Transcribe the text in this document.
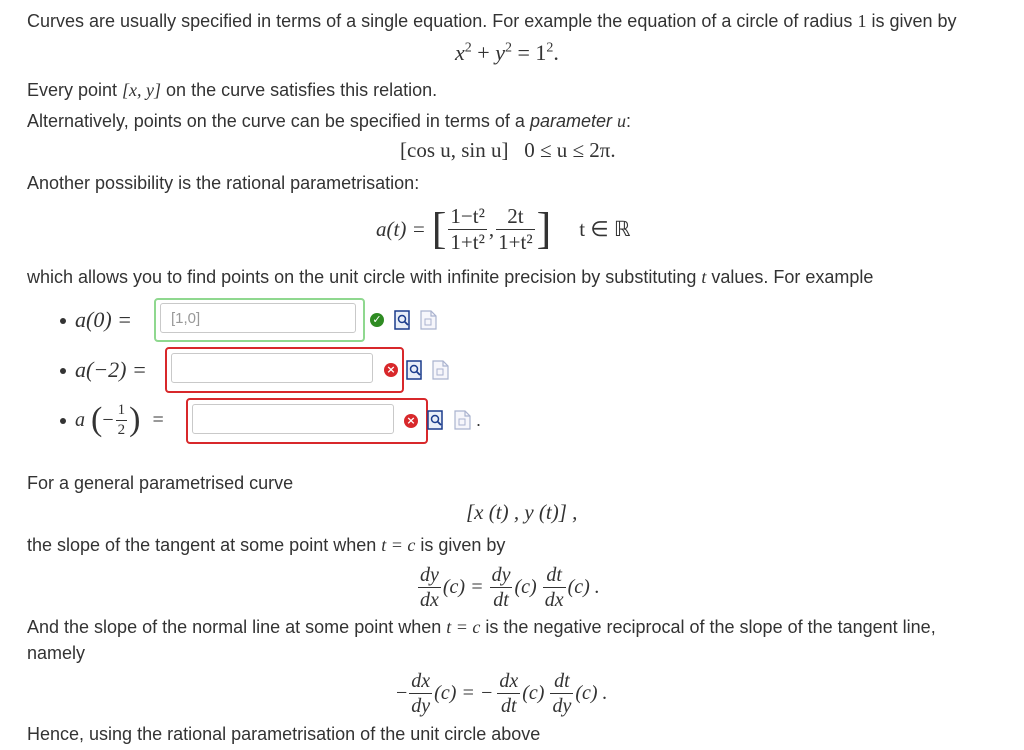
Curves are usually specified in terms of a single equation. For example the equation of a circle of radius 1 is given by
$x^2 + y^2 = 1^2$.
Every point [x, y] on the curve satisfies this relation.
Alternatively, points on the curve can be specified in terms of a parameter u:
[cos u, sin u] 0 ≤ u ≤ 2π.
Another possibility is the rational parametrisation:
a(t) = [ $\frac{\text{1−t²}}{\text{1+t²}}$ , $\frac{2t}{\text{1+t²}}$ ] t ∈ ℝ
which allows you to find points on the unit circle with infinite precision by substituting t values. For example
a(0) =
[1,0]	✓
a(−2) =	×
a ( − $\frac{1}{2}$ ) =	×	.
For a general parametrised curve
[x (t) , y (t)] ,
the slope of the tangent at some point when t = c is given by
$\frac{dy}{dx} (c) = \frac{dy}{dt} (c) \frac{dt}{dx} (c)$ .
And the slope of the normal line at some point when t = c is the negative reciprocal of the slope of the tangent line,
namely
− $\frac{dx}{dy} (c)$ = − $\frac{dx}{dt} (c) \frac{dt}{dy} (c)$ .
Hence, using the rational parametrisation of the unit circle above
